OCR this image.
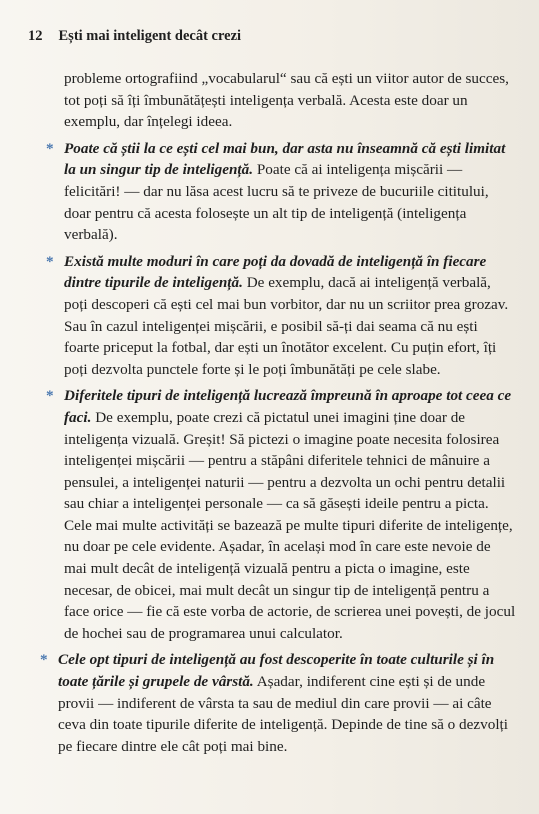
12 Ești mai inteligent decât crezi

probleme ortografiind „vocabularul“ sau că ești un viitor autor de succes, tot poți să îți îmbunătățești inteligența verbală. Acesta este doar un exemplu, dar înțelegi ideea.

* Poate că știi la ce ești cel mai bun, dar asta nu înseamnă că ești limitat la un singur tip de inteligență. Poate că ai inteligența mișcării — felicitări! — dar nu lăsa acest lucru să te priveze de bucuriile cititului, doar pentru că acesta folosește un alt tip de inteligență (inteligența verbală).

* Există multe moduri în care poți da dovadă de inteligență în fiecare dintre tipurile de inteligență. De exemplu, dacă ai inteligență verbală, poți descoperi că ești cel mai bun vorbitor, dar nu un scriitor prea grozav. Sau în cazul inteligenței mișcării, e posibil să-ți dai seama că nu ești foarte priceput la fotbal, dar ești un înotător excelent. Cu puțin efort, îți poți dezvolta punctele forte și le poți îmbunătăți pe cele slabe.

* Diferitele tipuri de inteligență lucrează împreună în aproape tot ceea ce faci. De exemplu, poate crezi că pictatul unei imagini ține doar de inteligența vizuală. Greșit! Să pictezi o imagine poate necesita folosirea inteligenței mișcării — pentru a stăpâni diferitele tehnici de mânuire a pensulei, a inteligenței naturii — pentru a dezvolta un ochi pentru detalii sau chiar a inteligenței personale — ca să găsești ideile pentru a picta. Cele mai multe activități se bazează pe multe tipuri diferite de inteligențe, nu doar pe cele evidente. Așadar, în același mod în care este nevoie de mai mult decât de inteligență vizuală pentru a picta o imagine, este necesar, de obicei, mai mult decât un singur tip de inteligență pentru a face orice — fie că este vorba de actorie, de scrierea unei povești, de jocul de hochei sau de programarea unui calculator.

* Cele opt tipuri de inteligență au fost descoperite în toate culturile și în toate țările și grupele de vârstă. Așadar, indiferent cine ești și de unde provii — indiferent de vârsta ta sau de mediul din care provii — ai câte ceva din toate tipurile diferite de inteligență. Depinde de tine să o dezvolți pe fiecare dintre ele cât poți mai bine.
